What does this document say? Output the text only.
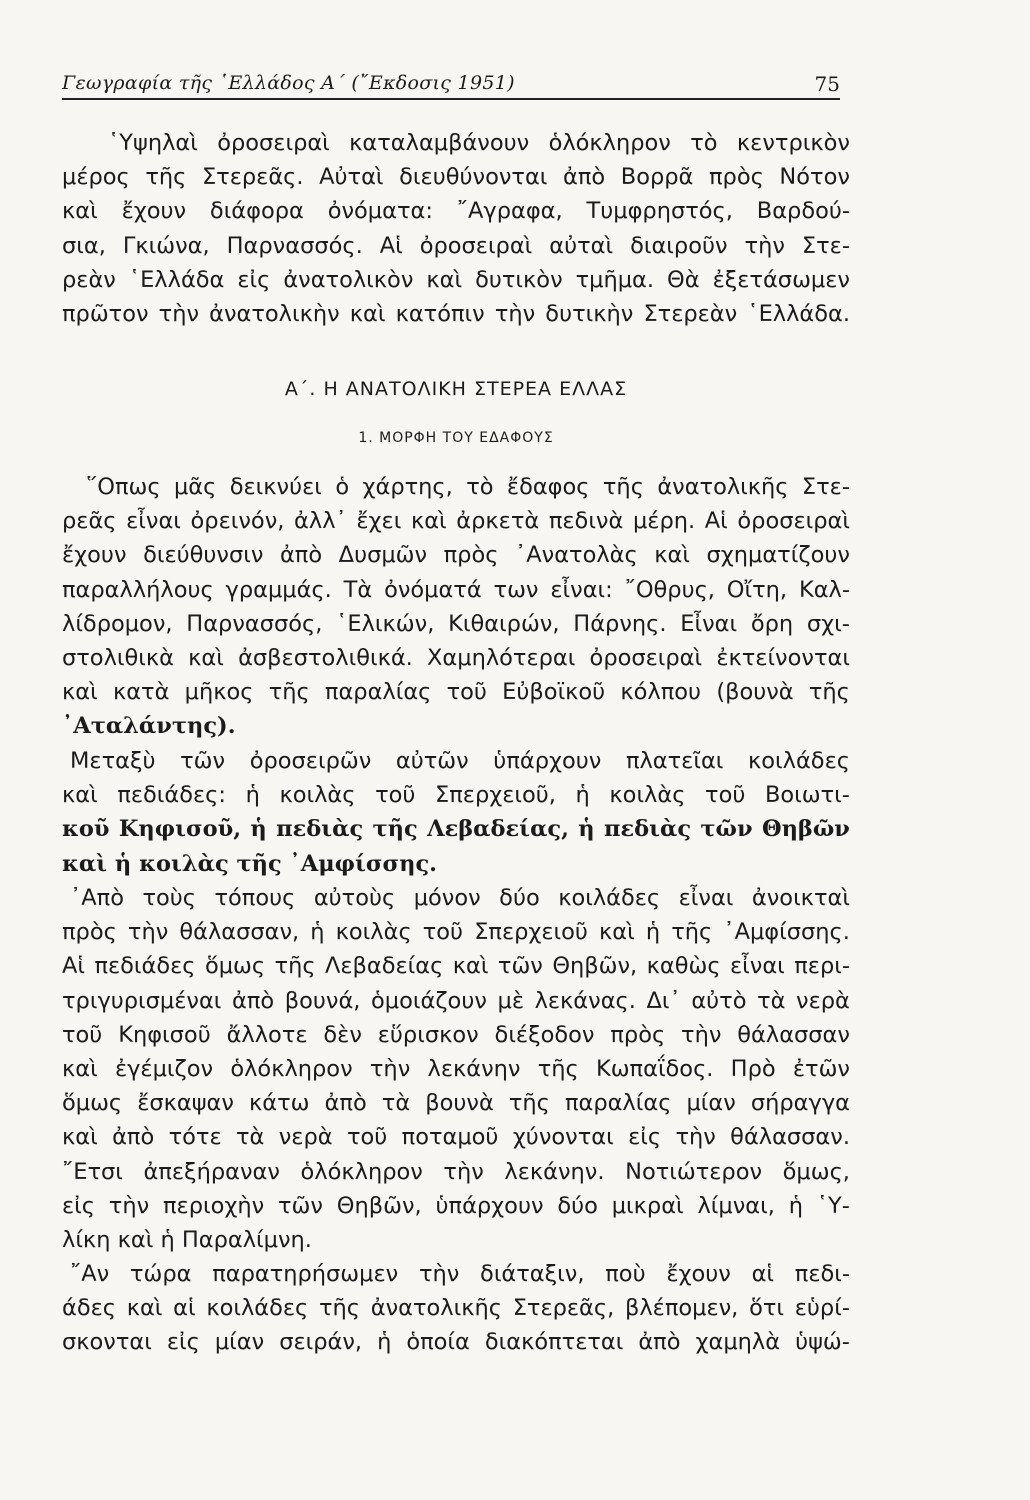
Γεωγραφία τῆς ῾Ελλάδος Α΄ (῎Εκδοσις 1951)	75
῾Υψηλαὶ ὀροσειραὶ καταλαμβάνουν ὁλόκληρον τὸ κεντρικὸν
μέρος τῆς Στερεᾶς. Αὐταὶ διευθύνονται ἀπὸ Βορρᾶ πρὸς Νότον
καὶ ἔχουν διάφορα ὀνόματα: ῎Αγραφα, Τυμφρηστός, Βαρδού-
σια, Γκιώνα, Παρνασσός. Αἱ ὀροσειραὶ αὐταὶ διαιροῦν τὴν Στε-
ρεὰν ῾Ελλάδα εἰς ἀνατολικὸν καὶ δυτικὸν τμῆμα. Θὰ ἐξετάσωμεν
πρῶτον τὴν ἀνατολικὴν καὶ κατόπιν τὴν δυτικὴν Στερεὰν ῾Ελλάδα.
Α΄. Η ΑΝΑΤΟΛΙΚΗ ΣΤΕΡΕΑ ΕΛΛΑΣ
1. ΜΟΡΦΗ ΤΟΥ ΕΔΑΦΟΥΣ
῞Οπως μᾶς δεικνύει ὁ χάρτης, τὸ ἔδαφος τῆς ἀνατολικῆς Στε-
ρεᾶς εἶναι ὀρεινόν, ἀλλ᾿ ἔχει καὶ ἀρκετὰ πεδινὰ μέρη. Αἱ ὀροσειραὶ
ἔχουν διεύθυνσιν ἀπὸ Δυσμῶν πρὸς ᾿Ανατολὰς καὶ σχηματίζουν
παραλλήλους γραμμάς. Τὰ ὀνόματά των εἶναι: ῎Οθρυς, Οἴτη, Καλ-
λίδρομον, Παρνασσός, ῾Ελικών, Κιθαιρών, Πάρνης. Εἶναι ὄρη σχι-
στολιθικὰ καὶ ἀσβεστολιθικά. Χαμηλότεραι ὀροσειραὶ ἐκτείνονται
καὶ κατὰ μῆκος τῆς παραλίας τοῦ Εὐβοϊκοῦ κόλπου (βουνὰ τῆς
᾿Αταλάντης).
Μεταξὺ τῶν ὀροσειρῶν αὐτῶν ὑπάρχουν πλατεῖαι κοιλάδες
καὶ πεδιάδες: ἡ κοιλὰς τοῦ Σπερχειοῦ, ἡ κοιλὰς τοῦ Βοιωτι-
κοῦ Κηφισοῦ, ἡ πεδιὰς τῆς Λεβαδείας, ἡ πεδιὰς τῶν Θηβῶν
καὶ ἡ κοιλὰς τῆς ᾿Αμφίσσης.
᾿Απὸ τοὺς τόπους αὐτοὺς μόνον δύο κοιλάδες εἶναι ἀνοικταὶ
πρὸς τὴν θάλασσαν, ἡ κοιλὰς τοῦ Σπερχειοῦ καὶ ἡ τῆς ᾿Αμφίσσης.
Αἱ πεδιάδες ὅμως τῆς Λεβαδείας καὶ τῶν Θηβῶν, καθὼς εἶναι περι-
τριγυρισμέναι ἀπὸ βουνά, ὁμοιάζουν μὲ λεκάνας. Δι᾿ αὐτὸ τὰ νερὰ
τοῦ Κηφισοῦ ἄλλοτε δὲν εὕρισκον διέξοδον πρὸς τὴν θάλασσαν
καὶ ἐγέμιζον ὁλόκληρον τὴν λεκάνην τῆς Κωπαΐδος. Πρὸ ἐτῶν
ὅμως ἔσκαψαν κάτω ἀπὸ τὰ βουνὰ τῆς παραλίας μίαν σήραγγα
καὶ ἀπὸ τότε τὰ νερὰ τοῦ ποταμοῦ χύνονται εἰς τὴν θάλασσαν.
῎Ετσι ἀπεξήραναν ὁλόκληρον τὴν λεκάνην. Νοτιώτερον ὅμως,
εἰς τὴν περιοχὴν τῶν Θηβῶν, ὑπάρχουν δύο μικραὶ λίμναι, ἡ ῾Υ-
λίκη καὶ ἡ Παραλίμνη.
῎Αν τώρα παρατηρήσωμεν τὴν διάταξιν, ποὺ ἔχουν αἱ πεδι-
άδες καὶ αἱ κοιλάδες τῆς ἀνατολικῆς Στερεᾶς, βλέπομεν, ὅτι εὑρί-
σκονται εἰς μίαν σειράν, ἡ ὁποία διακόπτεται ἀπὸ χαμηλὰ ὑψώ-
